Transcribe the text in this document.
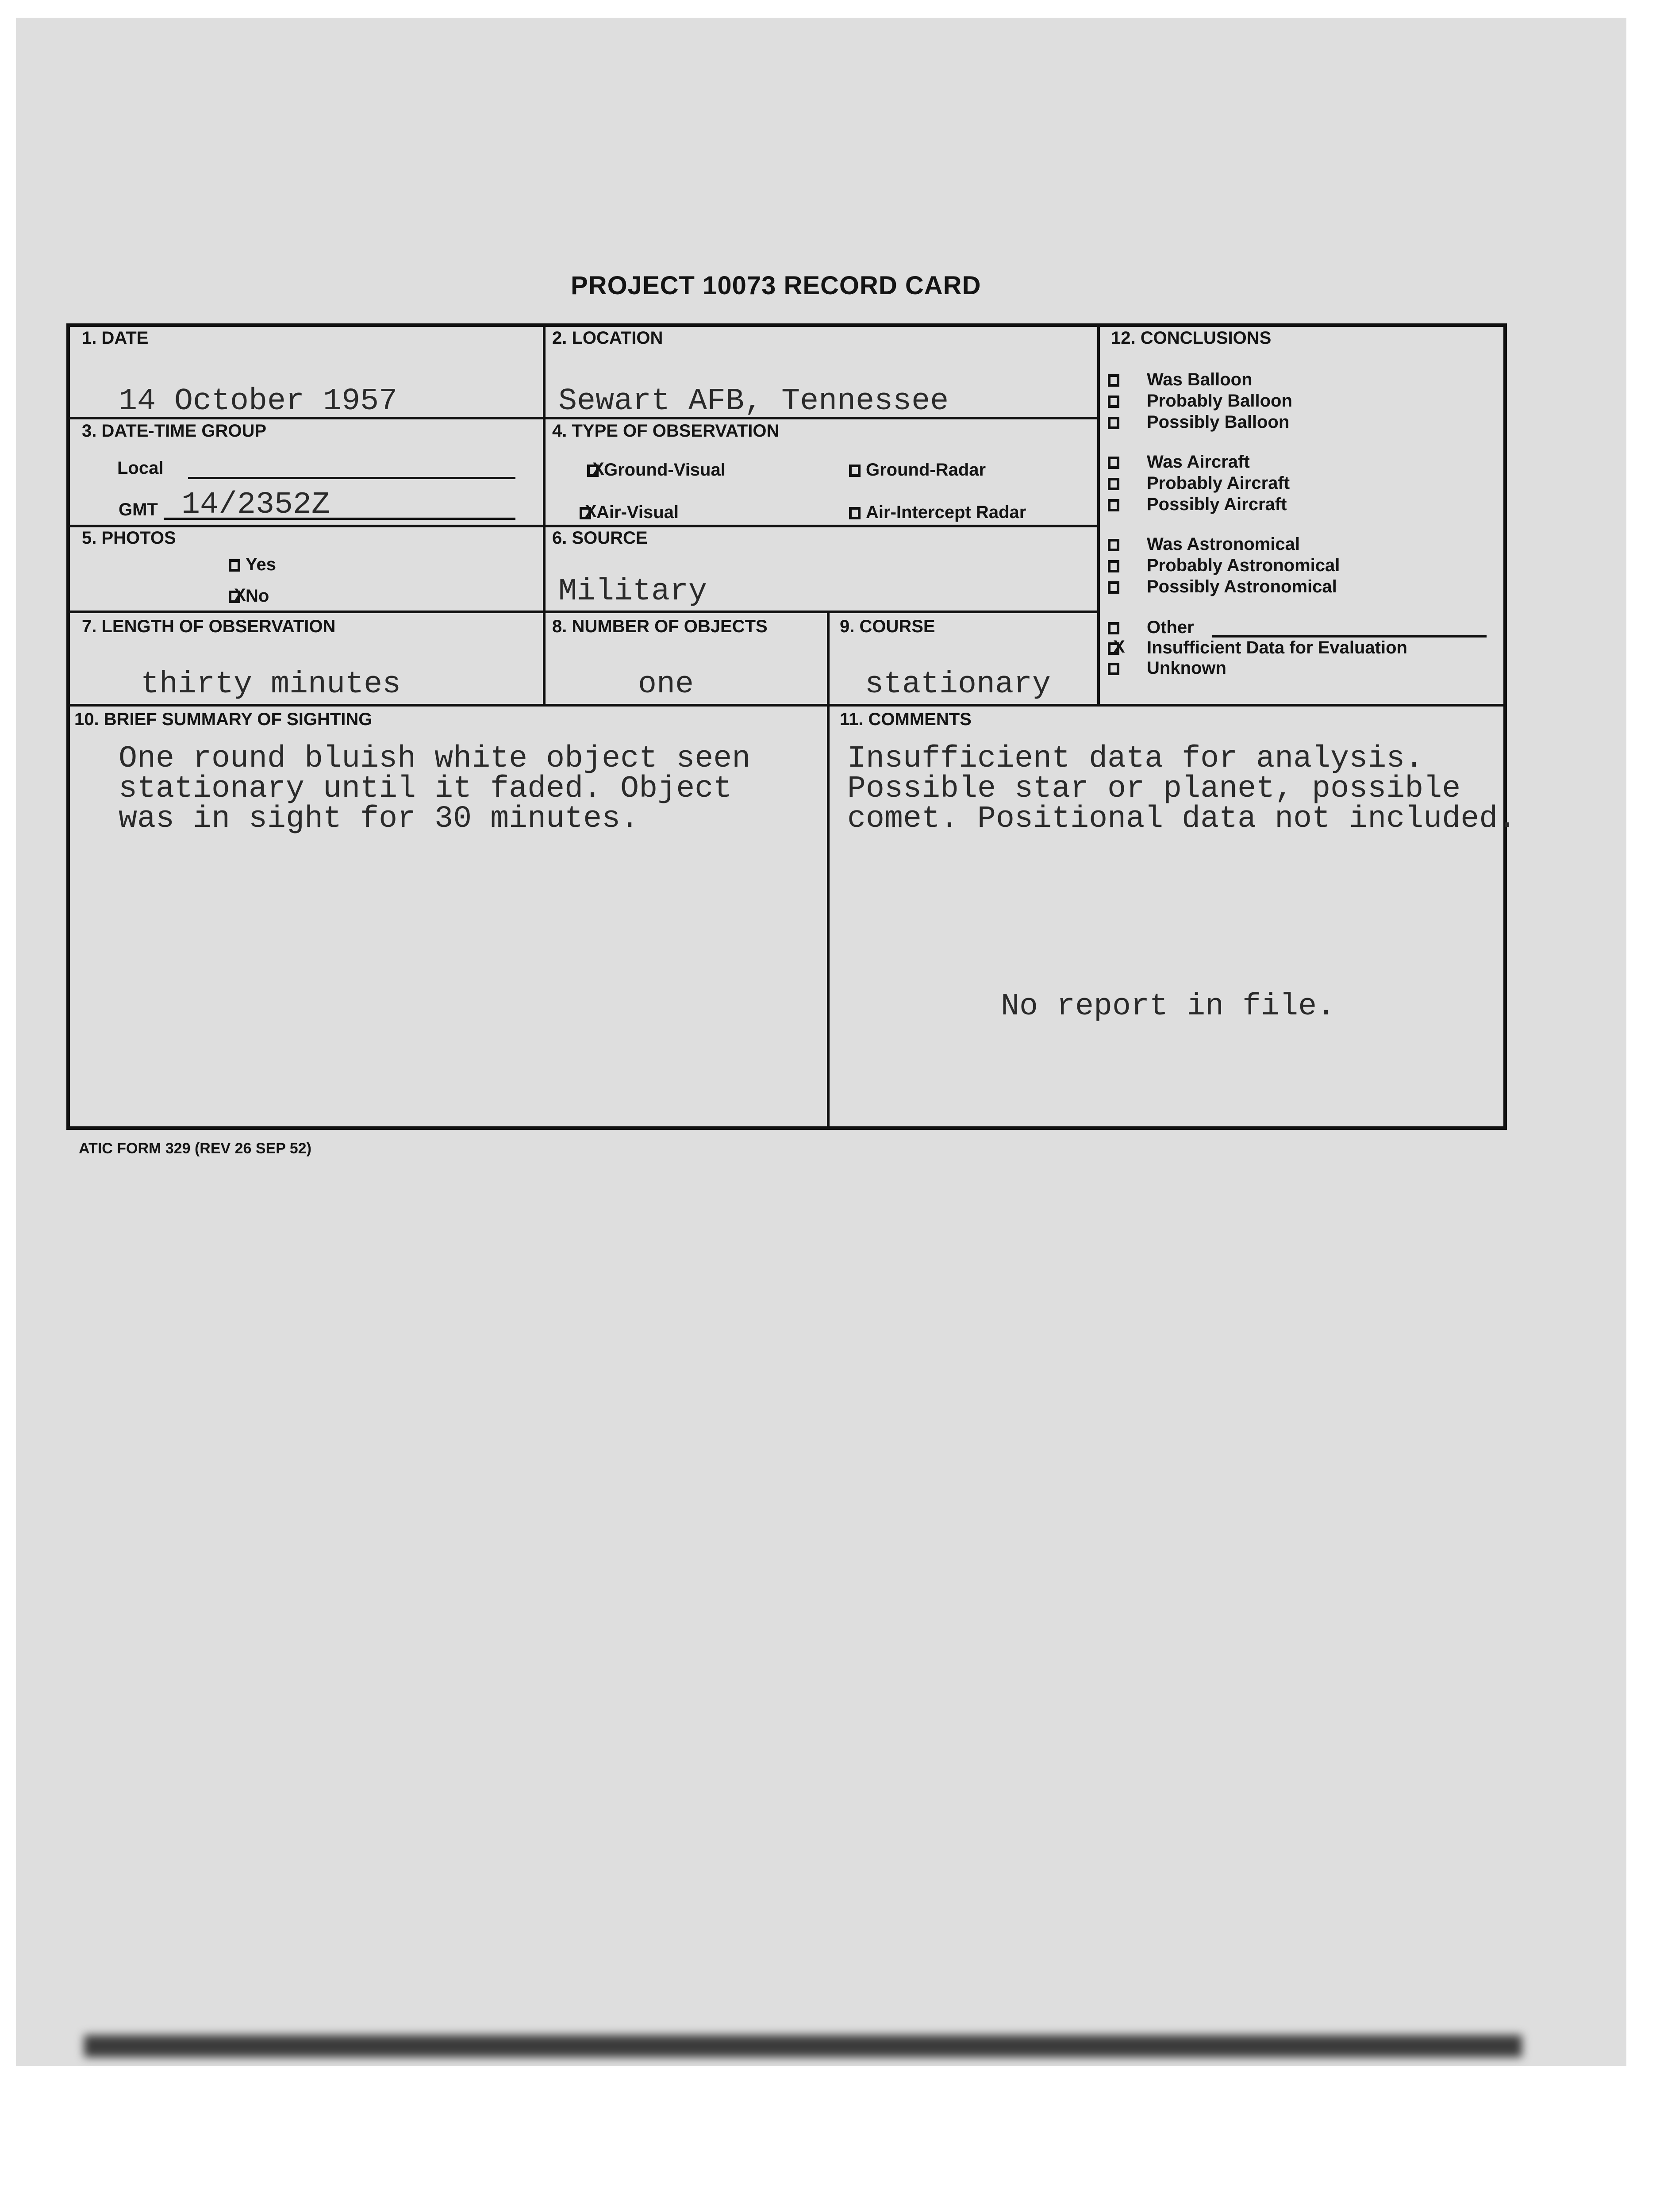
PROJECT 10073 RECORD CARD
1. DATE
14 October 1957
2. LOCATION
Sewart AFB, Tennessee
3. DATE-TIME GROUP
Local
GMT 14/2352Z
4. TYPE OF OBSERVATION
XGround-Visual	Ground-Radar
XAir-Visual	Air-Intercept Radar
5. PHOTOS
Yes
XNo
6. SOURCE
Military
7. LENGTH OF OBSERVATION
thirty minutes
8. NUMBER OF OBJECTS
one
9. COURSE
stationary
12. CONCLUSIONS
Was Balloon
Probably Balloon
Possibly Balloon
Was Aircraft
Probably Aircraft
Possibly Aircraft
Was Astronomical
Probably Astronomical
Possibly Astronomical
Other
XInsufficient Data for Evaluation
Unknown
10. BRIEF SUMMARY OF SIGHTING
One round bluish white object seen
stationary until it faded. Object
was in sight for 30 minutes.
11. COMMENTS
Insufficient data for analysis.
Possible star or planet, possible
comet. Positional data not included.
No report in file.
ATIC FORM 329 (REV 26 SEP 52)
